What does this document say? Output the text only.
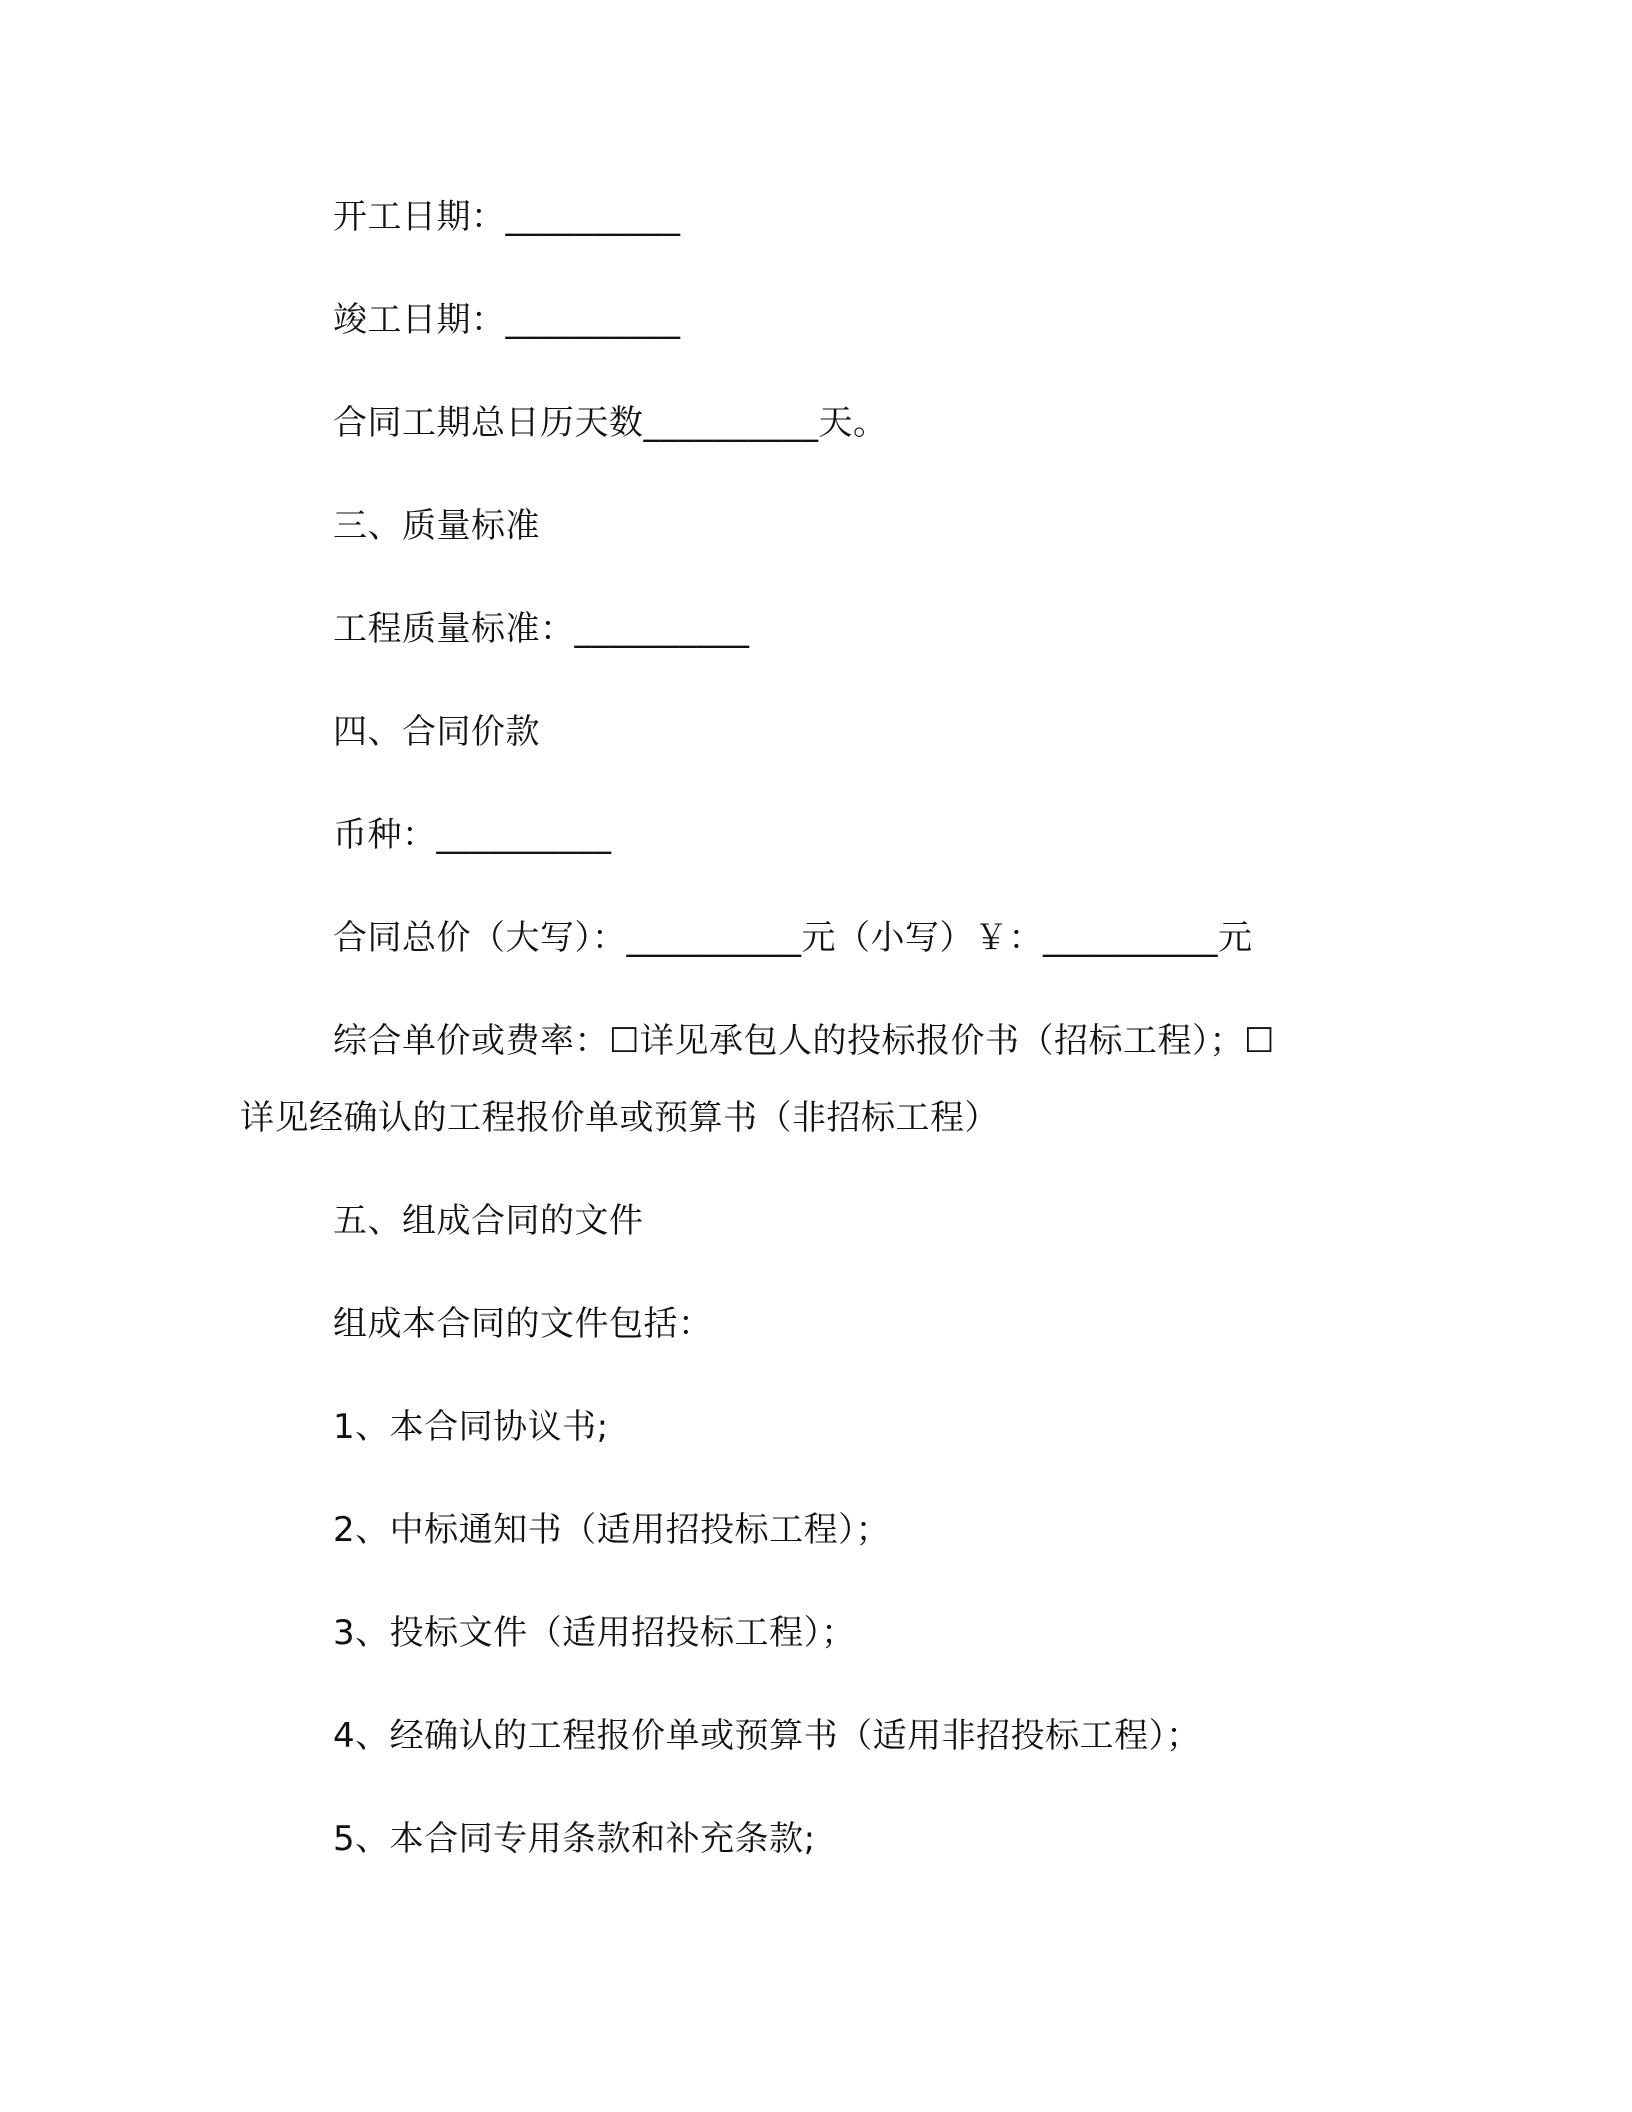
开工日期：__________
竣工日期：__________
合同工期总日历天数__________天。
三、质量标准
工程质量标准：__________
四、合同价款
币种：__________
合同总价（大写）：__________元（小写）￥：__________元
综合单价或费率：☐详见承包人的投标报价书（招标工程）；☐
详见经确认的工程报价单或预算书（非招标工程）
五、组成合同的文件
组成本合同的文件包括：
1、本合同协议书;
2、中标通知书（适用招投标工程）；
3、投标文件（适用招投标工程）；
4、经确认的工程报价单或预算书（适用非招投标工程）；
5、本合同专用条款和补充条款;
